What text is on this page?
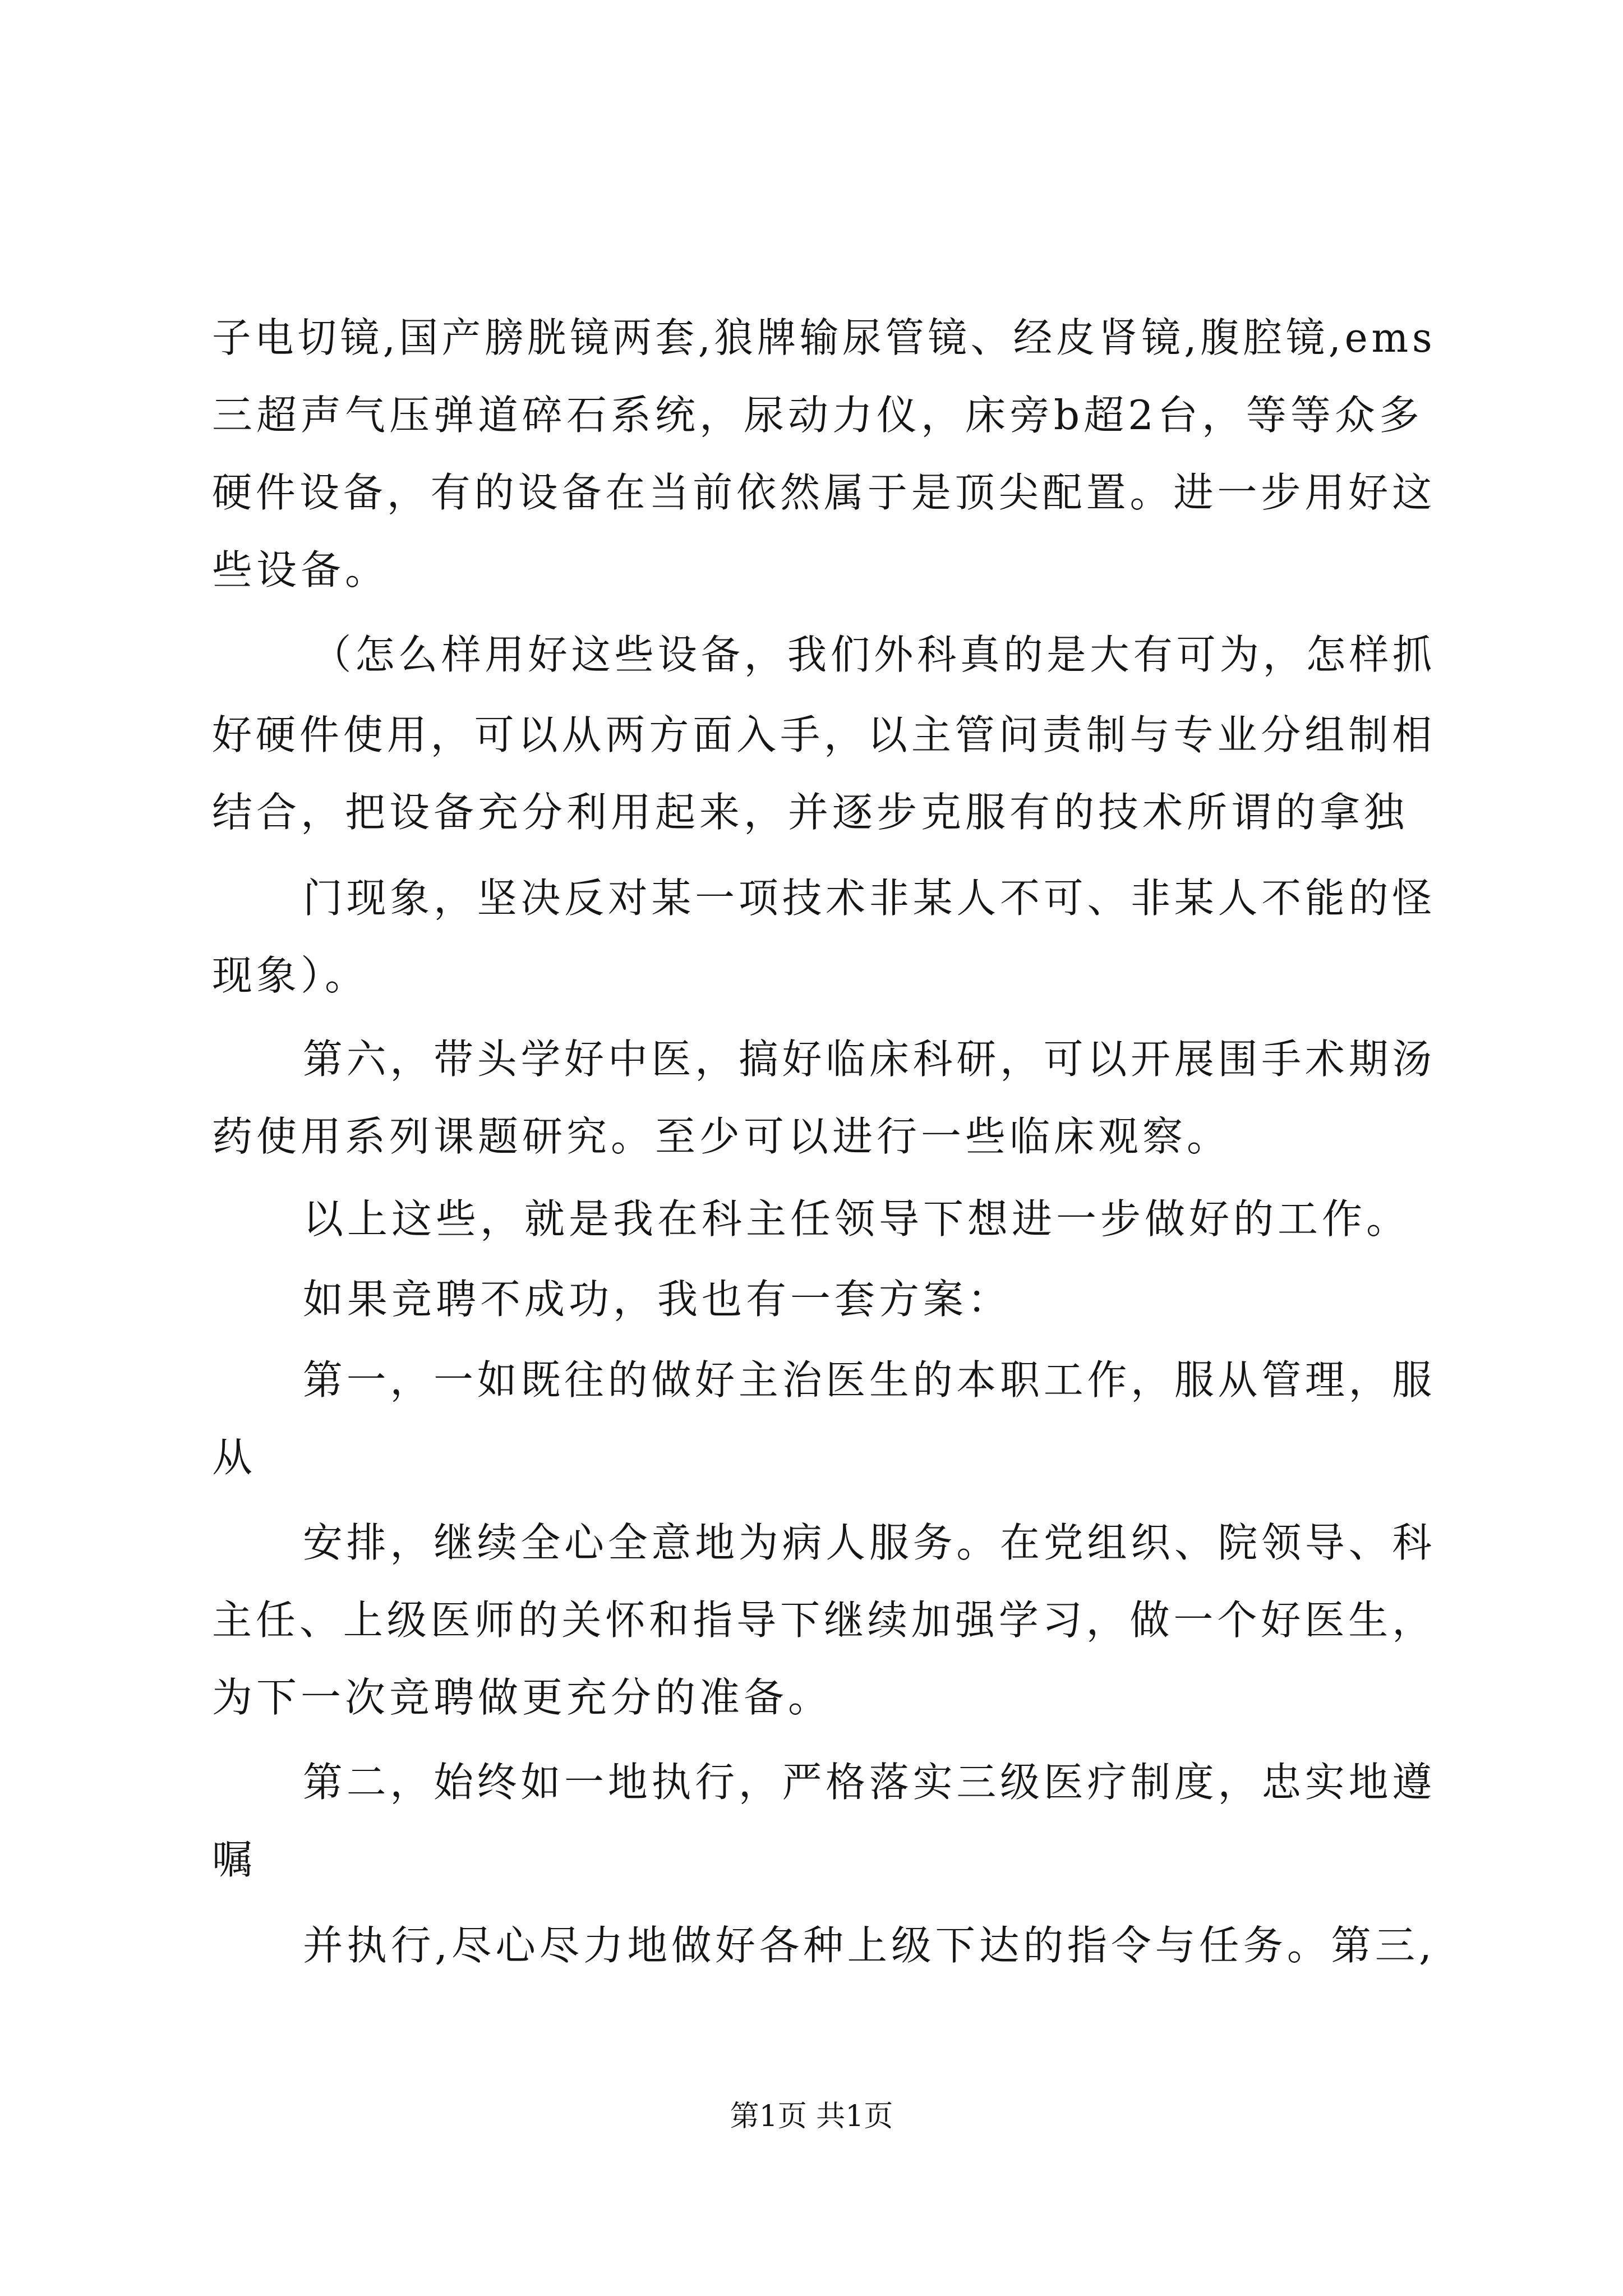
子电切镜,国产膀胱镜两套,狼牌输尿管镜、经皮肾镜,腹腔镜,ems
三超声气压弹道碎石系统，尿动力仪，床旁b超2台，等等众多
硬件设备，有的设备在当前依然属于是顶尖配置。进一步用好这
些设备。
（怎么样用好这些设备，我们外科真的是大有可为，怎样抓
好硬件使用，可以从两方面入手，以主管问责制与专业分组制相
结合，把设备充分利用起来，并逐步克服有的技术所谓的拿独
门现象，坚决反对某一项技术非某人不可、非某人不能的怪
现象）。
第六，带头学好中医，搞好临床科研，可以开展围手术期汤
药使用系列课题研究。至少可以进行一些临床观察。
以上这些，就是我在科主任领导下想进一步做好的工作。
如果竞聘不成功，我也有一套方案：
第一，一如既往的做好主治医生的本职工作，服从管理，服
从
安排，继续全心全意地为病人服务。在党组织、院领导、科
主任、上级医师的关怀和指导下继续加强学习，做一个好医生，
为下一次竞聘做更充分的准备。
第二，始终如一地执行，严格落实三级医疗制度，忠实地遵
嘱
并执行,尽心尽力地做好各种上级下达的指令与任务。第三,
第1页 共1页
